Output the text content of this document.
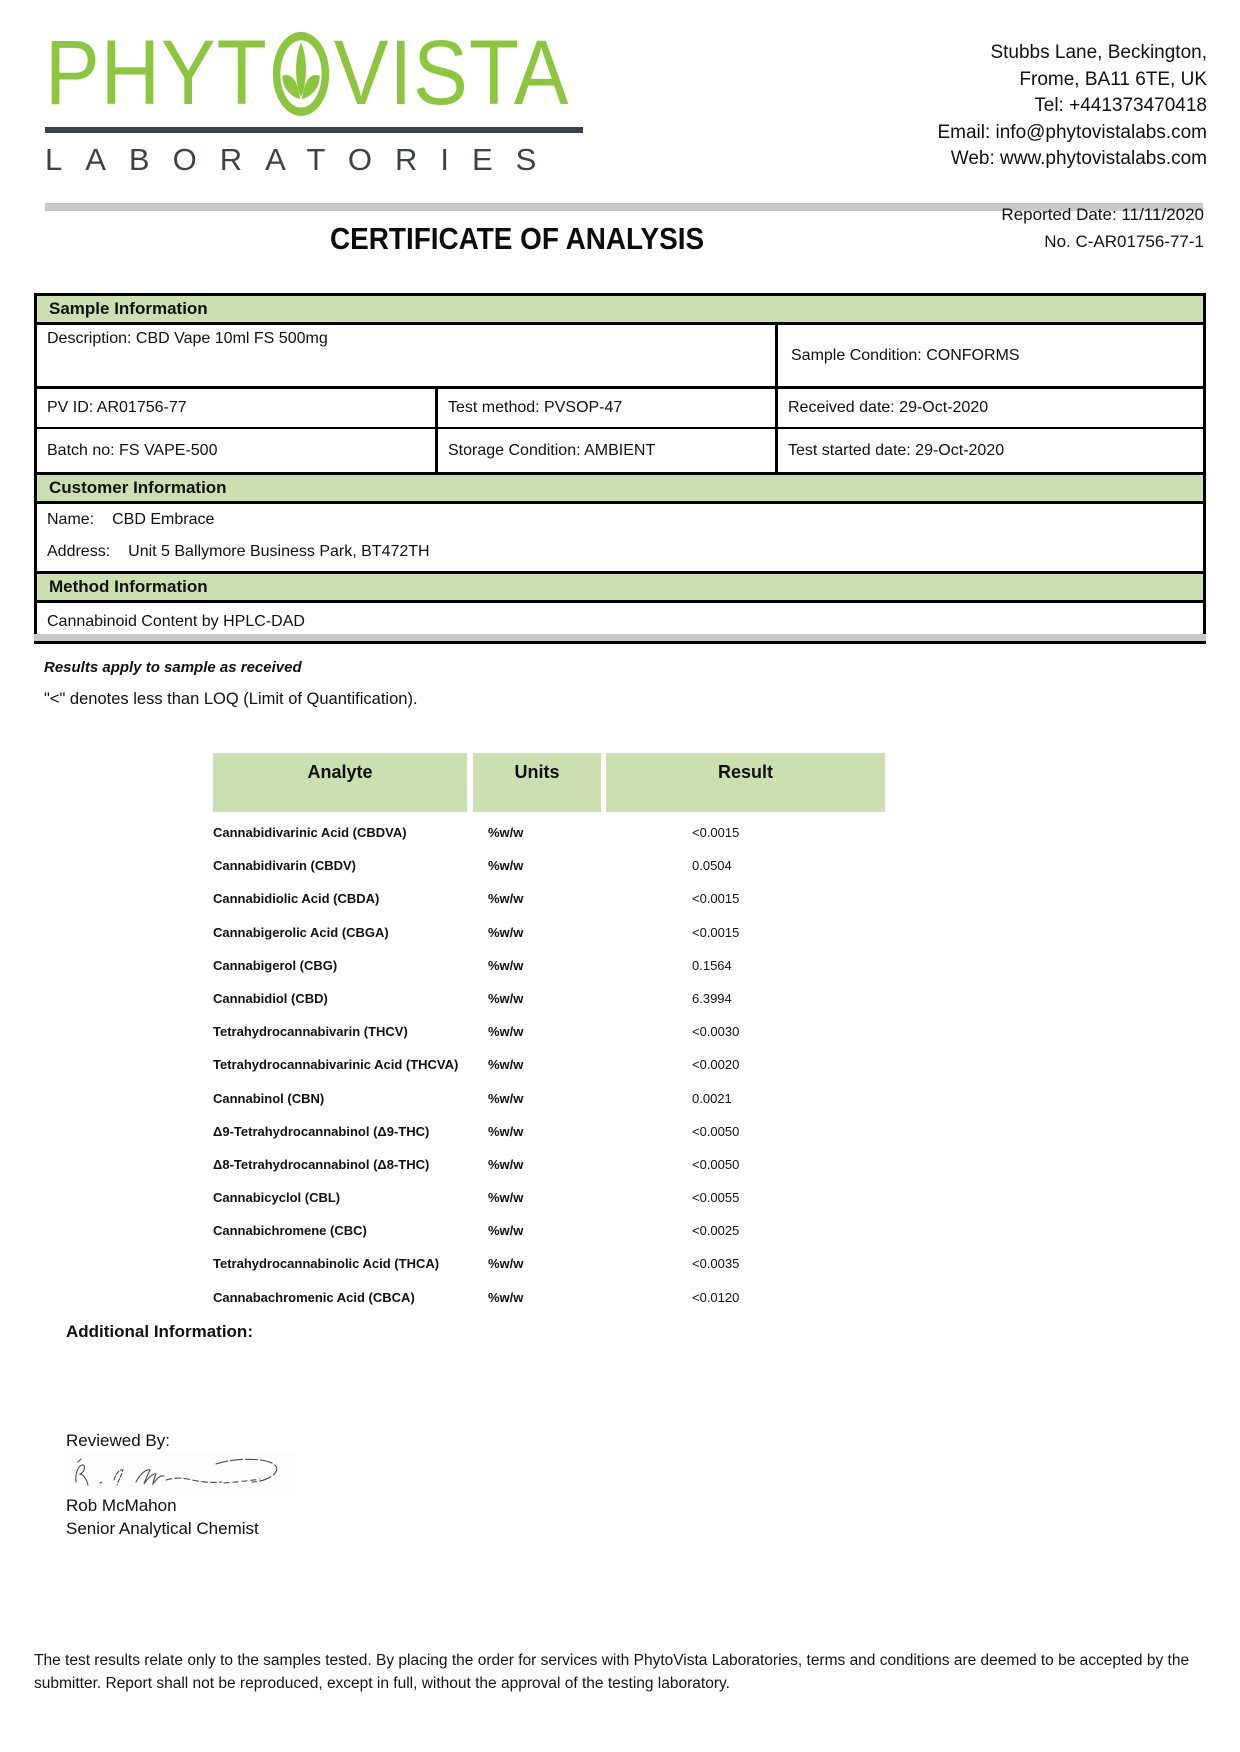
PHYT VISTA
LABORATORIES
Stubbs Lane, Beckington,
Frome, BA11 6TE, UK
Tel: +441373470418
Email: info@phytovistalabs.com
Web: www.phytovistalabs.com
CERTIFICATE OF ANALYSIS
Reported Date: 11/11/2020
No. C-AR01756-77-1
Sample Information
Description: CBD Vape 10ml FS 500mg
Sample Condition: CONFORMS
PV ID: AR01756-77	Test method: PVSOP-47	Received date: 29-Oct-2020
Batch no: FS VAPE-500	Storage Condition: AMBIENT	Test started date: 29-Oct-2020
Customer Information
Name: CBD Embrace
Address: Unit 5 Ballymore Business Park, BT472TH
Method Information
Cannabinoid Content by HPLC-DAD
Results apply to sample as received
"<" denotes less than LOQ (Limit of Quantification).
Analyte	Units	Result
Cannabidivarinic Acid (CBDVA)	%w/w	<0.0015
Cannabidivarin (CBDV)	%w/w	0.0504
Cannabidiolic Acid (CBDA)	%w/w	<0.0015
Cannabigerolic Acid (CBGA)	%w/w	<0.0015
Cannabigerol (CBG)	%w/w	0.1564
Cannabidiol (CBD)	%w/w	6.3994
Tetrahydrocannabivarin (THCV)	%w/w	<0.0030
Tetrahydrocannabivarinic Acid (THCVA)	%w/w	<0.0020
Cannabinol (CBN)	%w/w	0.0021
Δ9-Tetrahydrocannabinol (Δ9-THC)	%w/w	<0.0050
Δ8-Tetrahydrocannabinol (Δ8-THC)	%w/w	<0.0050
Cannabicyclol (CBL)	%w/w	<0.0055
Cannabichromene (CBC)	%w/w	<0.0025
Tetrahydrocannabinolic Acid (THCA)	%w/w	<0.0035
Cannabachromenic Acid (CBCA)	%w/w	<0.0120
Additional Information:
Reviewed By:
Rob McMahon
Senior Analytical Chemist
The test results relate only to the samples tested. By placing the order for services with PhytoVista Laboratories, terms and conditions are deemed to be accepted by the submitter. Report shall not be reproduced, except in full, without the approval of the testing laboratory.
